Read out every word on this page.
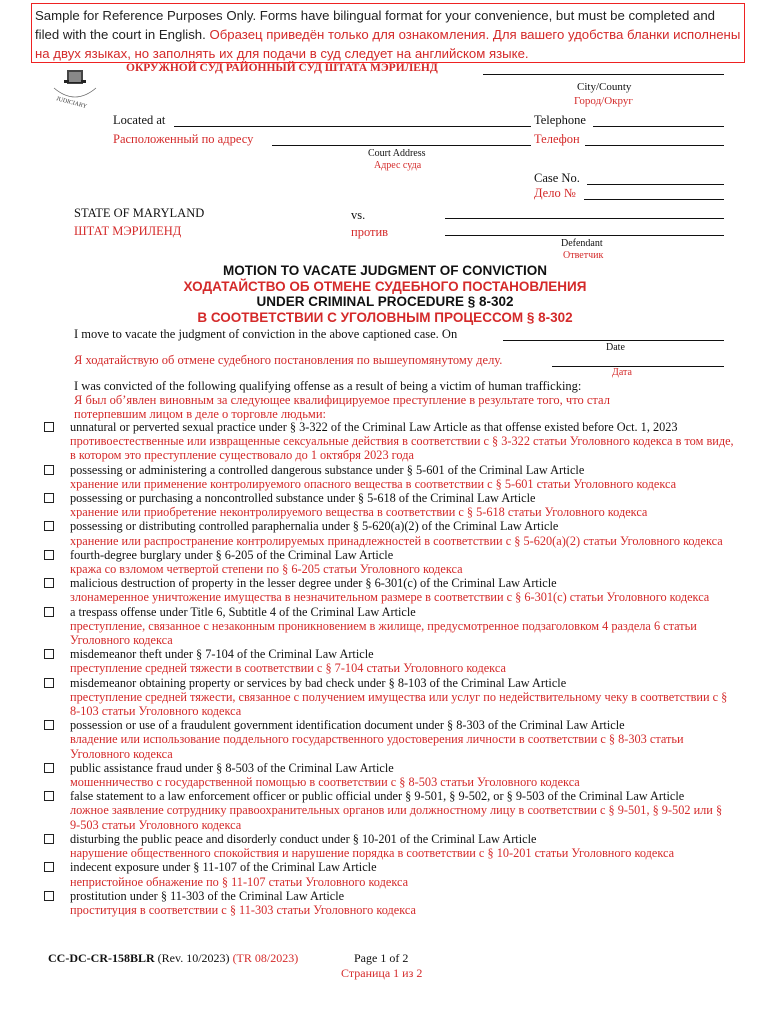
Sample for Reference Purposes Only. Forms have bilingual format for your convenience, but must be completed and filed with the court in English. Образец приведён только для ознакомления. Для вашего удобства бланки исполнены на двух языках, но заполнять их для подачи в суд следует на английском языке.
JUDICIARY
ОКРУЖНОЙ СУД РАЙОННЫЙ СУД ШТАТА МЭРИЛЕНД
City/County
Город/Округ
Located at	Telephone
Расположенный по адресу	Телефон
Court Address
Адрес суда
Case No.
Дело №
STATE OF MARYLAND
ШТАТ МЭРИЛЕНД
vs.
против
Defendant
Ответчик
MOTION TO VACATE JUDGMENT OF CONVICTION
ХОДАТАЙСТВО ОБ ОТМЕНЕ СУДЕБНОГО ПОСТАНОВЛЕНИЯ
UNDER CRIMINAL PROCEDURE § 8-302
В СООТВЕТСТВИИ С УГОЛОВНЫМ ПРОЦЕССОМ § 8-302
I move to vacate the judgment of conviction in the above captioned case. On
Date
Я ходатайствую об отмене судебного постановления по вышеупомянутому делу.
Дата
I was convicted of the following qualifying offense as a result of being a victim of human trafficking:
Я был об’явлен виновным за следующее квалифицируемое преступление в результате того, что стал потерпевшим лицом в деле о торговле людьми:
unnatural or perverted sexual practice under § 3-322 of the Criminal Law Article as that offense existed before Oct. 1, 2023
противоестественные или извращенные сексуальные действия в соответствии с § 3-322 статьи Уголовного кодекса в том виде, в котором это преступление существовало до 1 октября 2023 года
possessing or administering a controlled dangerous substance under § 5-601 of the Criminal Law Article
хранение или применение контролируемого опасного вещества в соответствии с § 5-601 статьи Уголовного кодекса
possessing or purchasing a noncontrolled substance under § 5-618 of the Criminal Law Article
хранение или приобретение неконтролируемого вещества в соответствии с § 5-618 статьи Уголовного кодекса
possessing or distributing controlled paraphernalia under § 5-620(a)(2) of the Criminal Law Article
хранение или распространение контролируемых принадлежностей в соответствии с § 5-620(a)(2) статьи Уголовного кодекса
fourth-degree burglary under § 6-205 of the Criminal Law Article
кража со взломом четвертой степени по § 6-205 статьи Уголовного кодекса
malicious destruction of property in the lesser degree under § 6-301(c) of the Criminal Law Article
злонамеренное уничтожение имущества в незначительном размере в соответствии с § 6-301(c) статьи Уголовного кодекса
a trespass offense under Title 6, Subtitle 4 of the Criminal Law Article
преступление, связанное с незаконным проникновением в жилище, предусмотренное подзаголовком 4 раздела 6 статьи Уголовного кодекса
misdemeanor theft under § 7-104 of the Criminal Law Article
преступление средней тяжести в соответствии с § 7-104 статьи Уголовного кодекса
misdemeanor obtaining property or services by bad check under § 8-103 of the Criminal Law Article
преступление средней тяжести, связанное с получением имущества или услуг по недействительному чеку в соответствии с § 8-103 статьи Уголовного кодекса
possession or use of a fraudulent government identification document under § 8-303 of the Criminal Law Article
владение или использование поддельного государственного удостоверения личности в соответствии с § 8-303 статьи Уголовного кодекса
public assistance fraud under § 8-503 of the Criminal Law Article
мошенничество с государственной помощью в соответствии с § 8-503 статьи Уголовного кодекса
false statement to a law enforcement officer or public official under § 9-501, § 9-502, or § 9-503 of the Criminal Law Article
ложное заявление сотруднику правоохранительных органов или должностному лицу в соответствии с § 9-501, § 9-502 или § 9-503 статьи Уголовного кодекса
disturbing the public peace and disorderly conduct under § 10-201 of the Criminal Law Article
нарушение общественного спокойствия и нарушение порядка в соответствии с § 10-201 статьи Уголовного кодекса
indecent exposure under § 11-107 of the Criminal Law Article
непристойное обнажение по § 11-107 статьи Уголовного кодекса
prostitution under § 11-303 of the Criminal Law Article
проституция в соответствии с § 11-303 статьи Уголовного кодекса
CC-DC-CR-158BLR (Rev. 10/2023) (TR 08/2023)	Page 1 of 2
Страница 1 из 2
